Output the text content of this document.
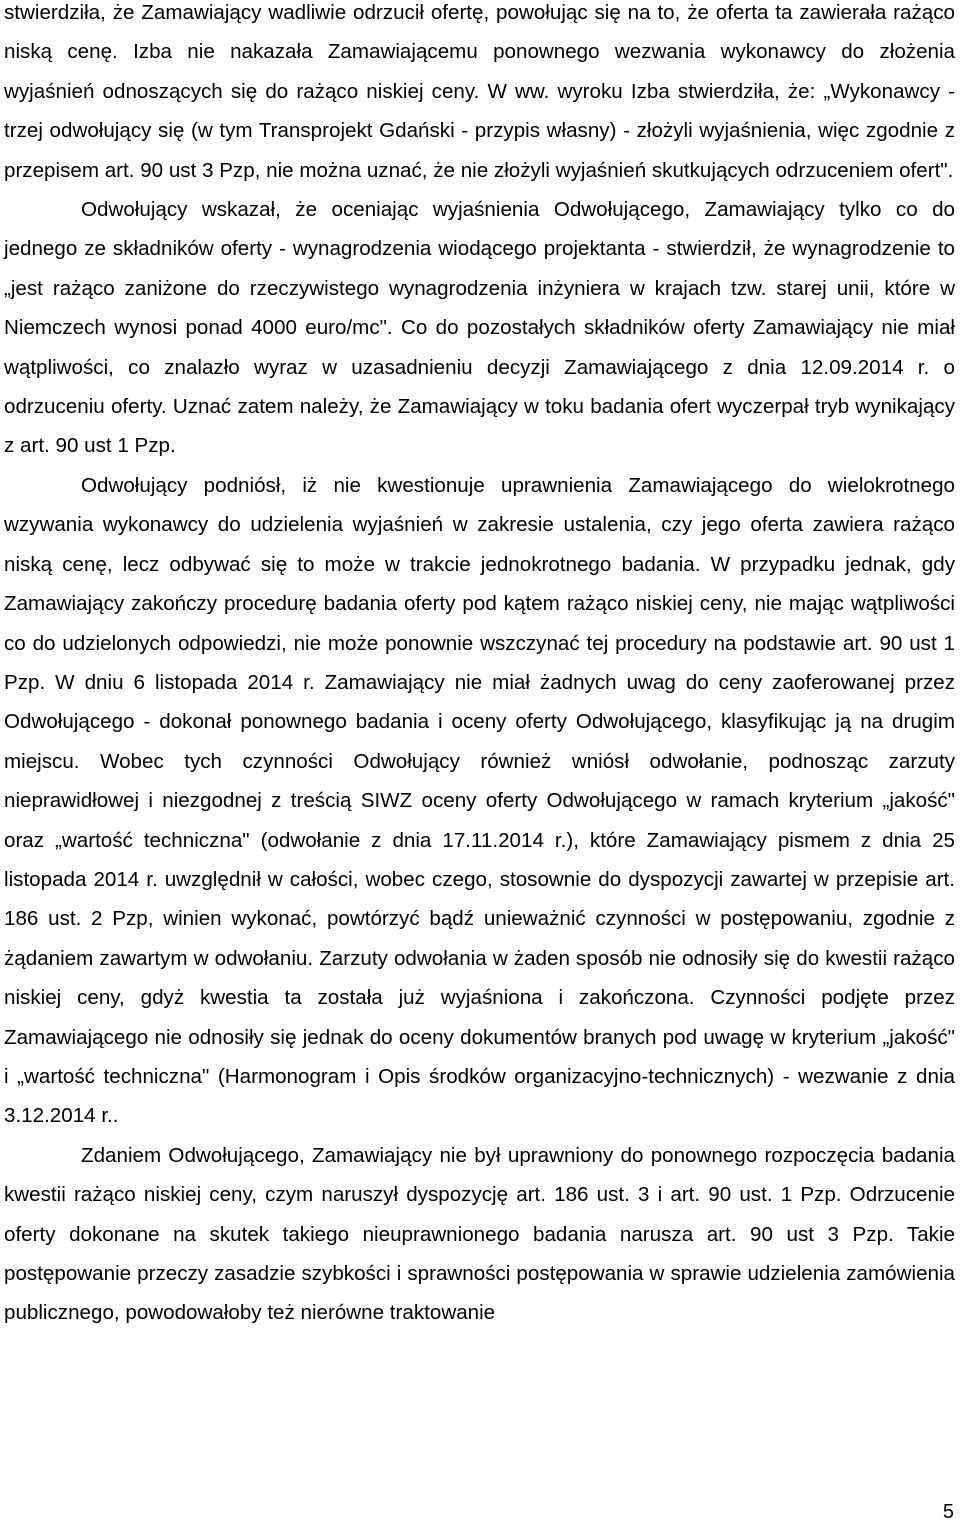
stwierdziła, że Zamawiający wadliwie odrzucił ofertę, powołując się na to, że oferta ta zawierała rażąco niską cenę. Izba nie nakazała Zamawiającemu ponownego wezwania wykonawcy do złożenia wyjaśnień odnoszących się do rażąco niskiej ceny. W ww. wyroku Izba stwierdziła, że: „Wykonawcy - trzej odwołujący się (w tym Transprojekt Gdański - przypis własny) - złożyli wyjaśnienia, więc zgodnie z przepisem art. 90 ust 3 Pzp, nie można uznać, że nie złożyli wyjaśnień skutkujących odrzuceniem ofert".

Odwołujący wskazał, że oceniając wyjaśnienia Odwołującego, Zamawiający tylko co do jednego ze składników oferty - wynagrodzenia wiodącego projektanta - stwierdził, że wynagrodzenie to „jest rażąco zaniżone do rzeczywistego wynagrodzenia inżyniera w krajach tzw. starej unii, które w Niemczech wynosi ponad 4000 euro/mc". Co do pozostałych składników oferty Zamawiający nie miał wątpliwości, co znalazło wyraz w uzasadnieniu decyzji Zamawiającego z dnia 12.09.2014 r. o odrzuceniu oferty. Uznać zatem należy, że Zamawiający w toku badania ofert wyczerpał tryb wynikający z art. 90 ust 1 Pzp.

Odwołujący podniósł, iż nie kwestionuje uprawnienia Zamawiającego do wielokrotnego wzywania wykonawcy do udzielenia wyjaśnień w zakresie ustalenia, czy jego oferta zawiera rażąco niską cenę, lecz odbywać się to może w trakcie jednokrotnego badania. W przypadku jednak, gdy Zamawiający zakończy procedurę badania oferty pod kątem rażąco niskiej ceny, nie mając wątpliwości co do udzielonych odpowiedzi, nie może ponownie wszczynać tej procedury na podstawie art. 90 ust 1 Pzp. W dniu 6 listopada 2014 r. Zamawiający nie miał żadnych uwag do ceny zaoferowanej przez Odwołującego - dokonał ponownego badania i oceny oferty Odwołującego, klasyfikując ją na drugim miejscu. Wobec tych czynności Odwołujący również wniósł odwołanie, podnosząc zarzuty nieprawidłowej i niezgodnej z treścią SIWZ oceny oferty Odwołującego w ramach kryterium „jakość" oraz „wartość techniczna" (odwołanie z dnia 17.11.2014 r.), które Zamawiający pismem z dnia 25 listopada 2014 r. uwzględnił w całości, wobec czego, stosownie do dyspozycji zawartej w przepisie art. 186 ust. 2 Pzp, winien wykonać, powtórzyć bądź unieważnić czynności w postępowaniu, zgodnie z żądaniem zawartym w odwołaniu. Zarzuty odwołania w żaden sposób nie odnosiły się do kwestii rażąco niskiej ceny, gdyż kwestia ta została już wyjaśniona i zakończona. Czynności podjęte przez Zamawiającego nie odnosiły się jednak do oceny dokumentów branych pod uwagę w kryterium „jakość" i „wartość techniczna" (Harmonogram i Opis środków organizacyjno-technicznych) - wezwanie z dnia 3.12.2014 r..

Zdaniem Odwołującego, Zamawiający nie był uprawniony do ponownego rozpoczęcia badania kwestii rażąco niskiej ceny, czym naruszył dyspozycję art. 186 ust. 3 i art. 90 ust. 1 Pzp. Odrzucenie oferty dokonane na skutek takiego nieuprawnionego badania narusza art. 90 ust 3 Pzp. Takie postępowanie przeczy zasadzie szybkości i sprawności postępowania w sprawie udzielenia zamówienia publicznego, powodowałoby też nierówne traktowanie

5
